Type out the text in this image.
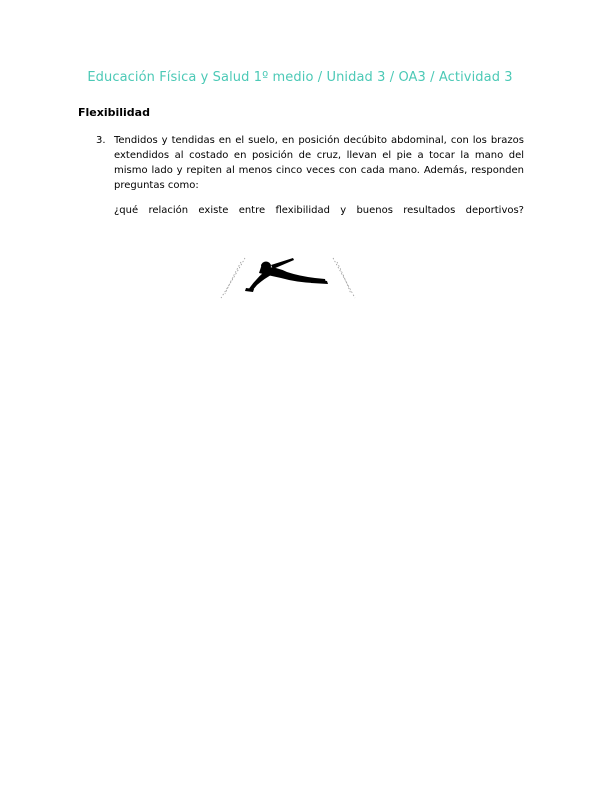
Educación Física y Salud 1º medio / Unidad 3 / OA3 / Actividad 3
Flexibilidad
3. Tendidos y tendidas en el suelo, en posición decúbito abdominal, con los brazos extendidos al costado en posición de cruz, llevan el pie a tocar la mano del mismo lado y repiten al menos cinco veces con cada mano. Además, responden preguntas como:
¿qué relación existe entre flexibilidad y buenos resultados deportivos?
